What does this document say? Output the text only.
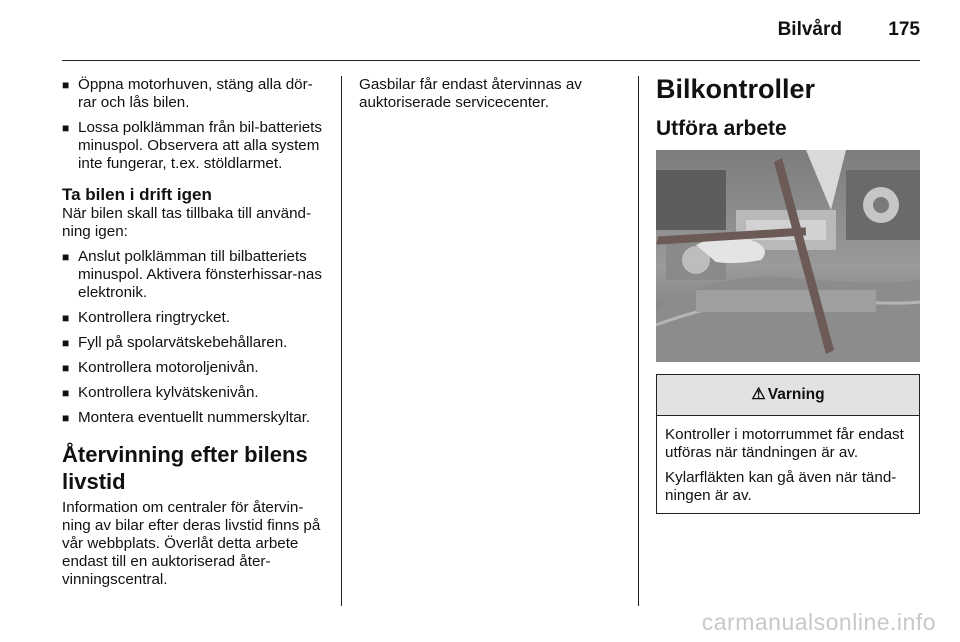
Bilvård 175
■ Öppna motorhuven, stäng alla dör-rar och lås bilen.
■ Lossa polklämman från bil-batteriets minuspol. Observera att alla system inte fungerar, t.ex. stöldlarmet.

Ta bilen i drift igen

När bilen skall tas tillbaka till använd-ning igen:

■ Anslut polklämman till bilbatteriets minuspol. Aktivera fönsterhissar-nas elektronik.
■ Kontrollera ringtrycket.
■ Fyll på spolarvätskebehållaren.
■ Kontrollera motoroljenivån.
■ Kontrollera kylvätskenivån.
■ Montera eventuellt nummerskyltar.

Återvinning efter bilens livstid

Information om centraler för återvin-ning av bilar efter deras livstid finns på vår webbplats. Överlåt detta arbete endast till en auktoriserad åter-vinningscentral.

Gasbilar får endast återvinnas av auktoriserade servicecenter.	Bilkontroller

Utföra arbete

⚠ Varning

Kontroller i motorrummet får endast utföras när tändningen är av.

Kylarfläkten kan gå även när tänd-ningen är av.

carmanualsonline.info
